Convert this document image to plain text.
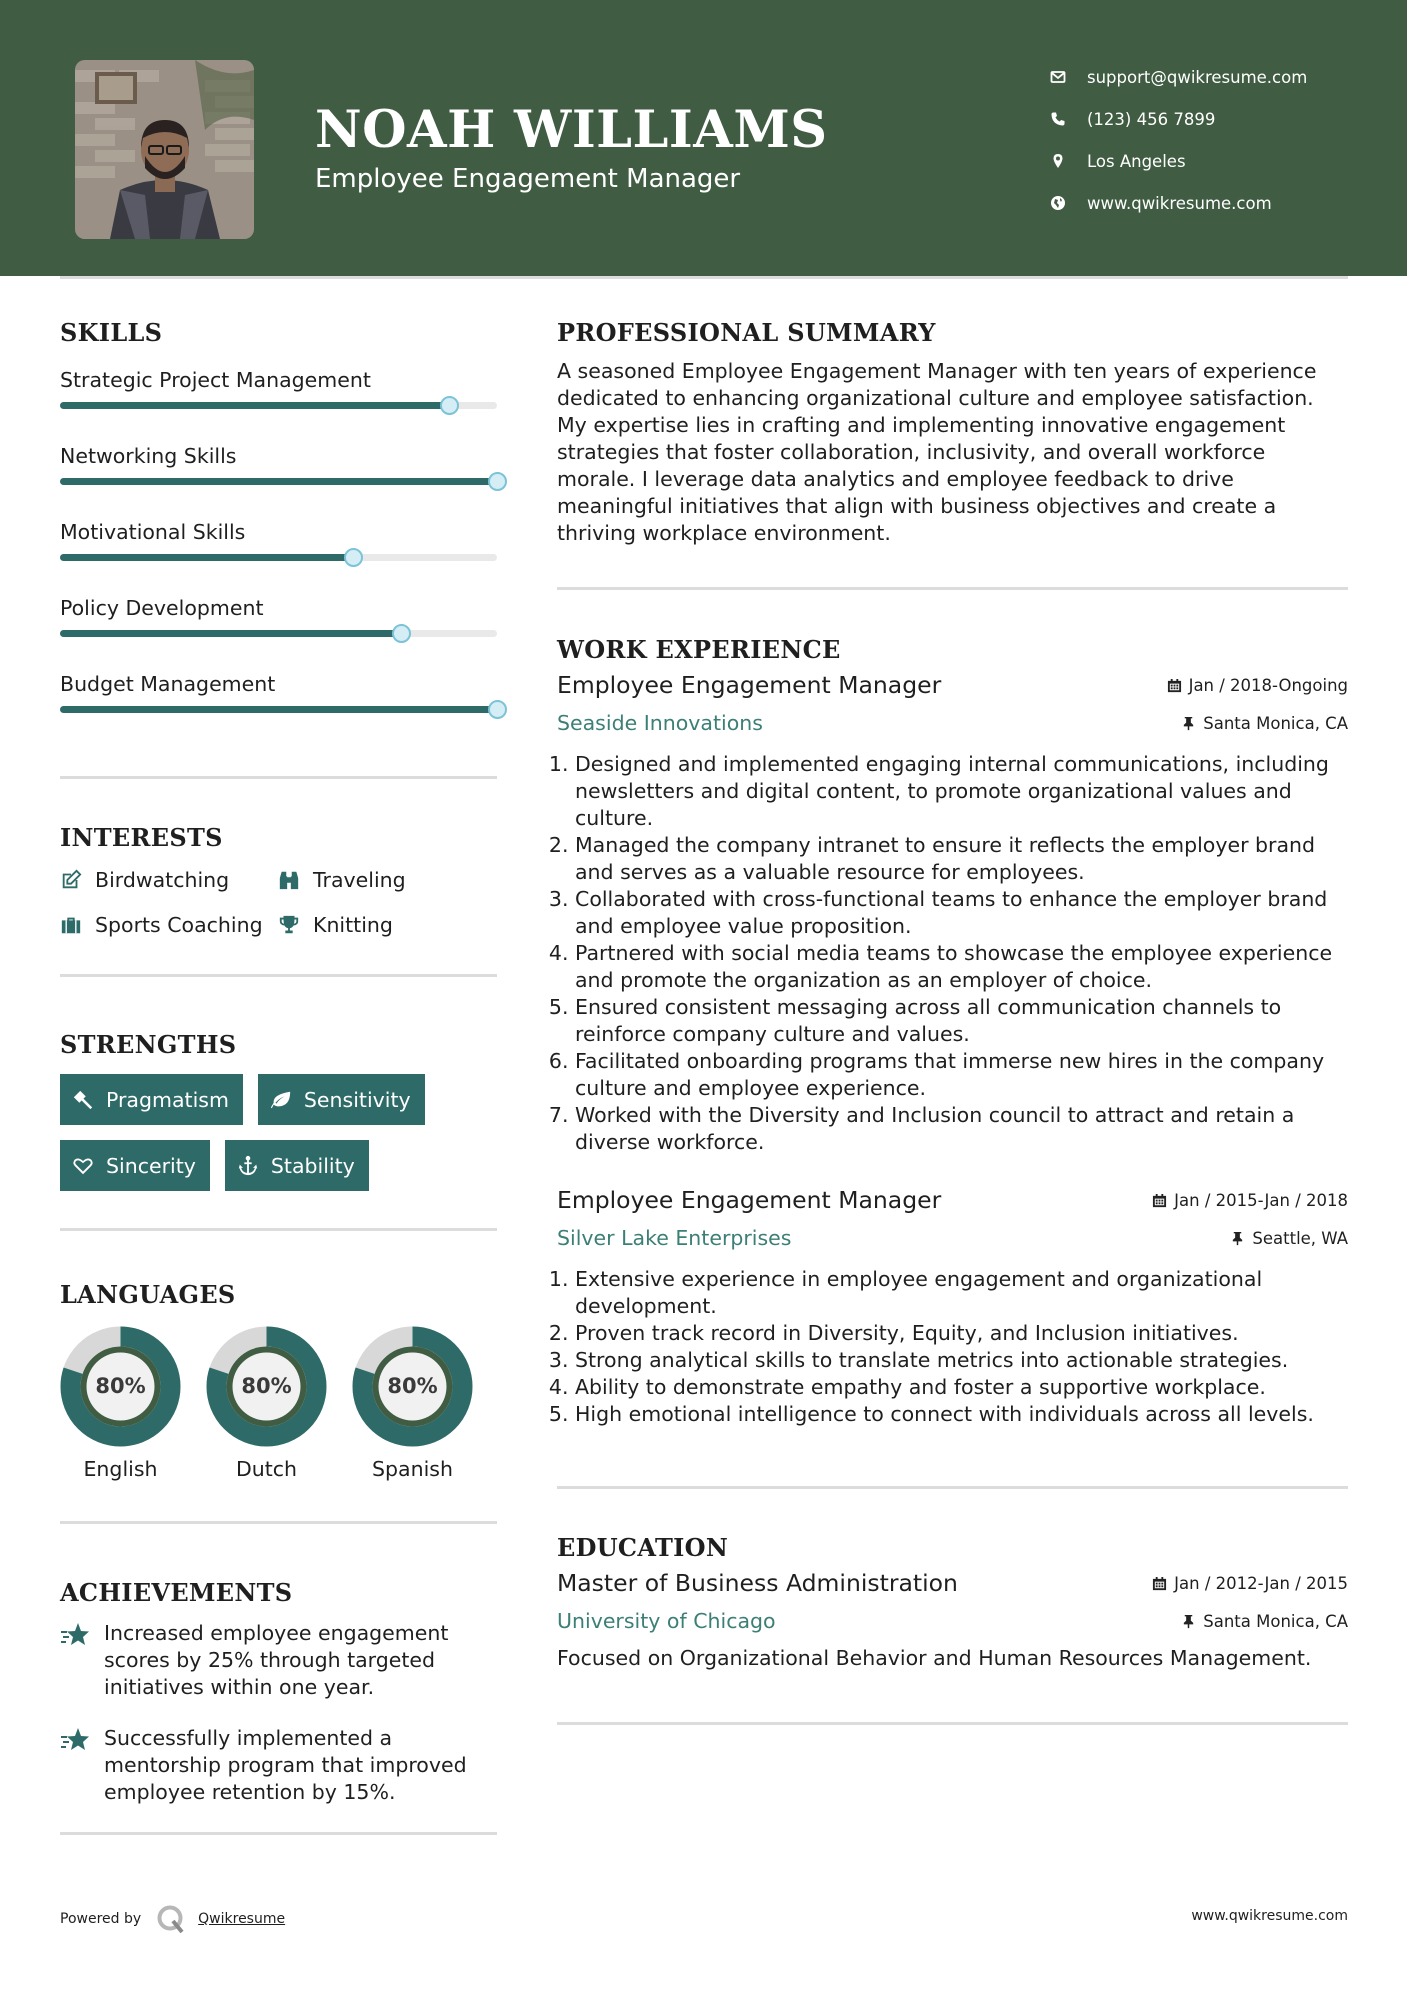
NOAH WILLIAMS
Employee Engagement Manager
support@qwikresume.com
(123) 456 7899
Los Angeles
www.qwikresume.com
SKILLS
Strategic Project Management
Networking Skills
Motivational Skills
Policy Development
Budget Management
INTERESTS
Birdwatching	Traveling
Sports Coaching Knitting
STRENGTHS
Pragmatism	Sensitivity
Sincerity	Stability
LANGUAGES
80%
English
80%
Dutch
80%
Spanish
ACHIEVEMENTS
Increased employee engagement scores by 25% through targeted initiatives within one year.
Successfully implemented a mentorship program that improved employee retention by 15%.
PROFESSIONAL SUMMARY
A seasoned Employee Engagement Manager with ten years of experience dedicated to enhancing organizational culture and employee satisfaction. My expertise lies in crafting and implementing innovative engagement strategies that foster collaboration, inclusivity, and overall workforce morale. I leverage data analytics and employee feedback to drive meaningful initiatives that align with business objectives and create a thriving workplace environment.
WORK EXPERIENCE
Employee Engagement Manager	Jan / 2018-Ongoing
Seaside Innovations	Santa Monica, CA
1. Designed and implemented engaging internal communications, including newsletters and digital content, to promote organizational values and culture.
2. Managed the company intranet to ensure it reflects the employer brand and serves as a valuable resource for employees.
3. Collaborated with cross-functional teams to enhance the employer brand and employee value proposition.
4. Partnered with social media teams to showcase the employee experience and promote the organization as an employer of choice.
5. Ensured consistent messaging across all communication channels to reinforce company culture and values.
6. Facilitated onboarding programs that immerse new hires in the company culture and employee experience.
7. Worked with the Diversity and Inclusion council to attract and retain a diverse workforce.
Employee Engagement Manager	Jan / 2015-Jan / 2018
Silver Lake Enterprises	Seattle, WA
1. Extensive experience in employee engagement and organizational development.
2. Proven track record in Diversity, Equity, and Inclusion initiatives.
3. Strong analytical skills to translate metrics into actionable strategies.
4. Ability to demonstrate empathy and foster a supportive workplace.
5. High emotional intelligence to connect with individuals across all levels.
EDUCATION
Master of Business Administration	Jan / 2012-Jan / 2015
University of Chicago	Santa Monica, CA
Focused on Organizational Behavior and Human Resources Management.
Powered by	Qwikresume	www.qwikresume.com
